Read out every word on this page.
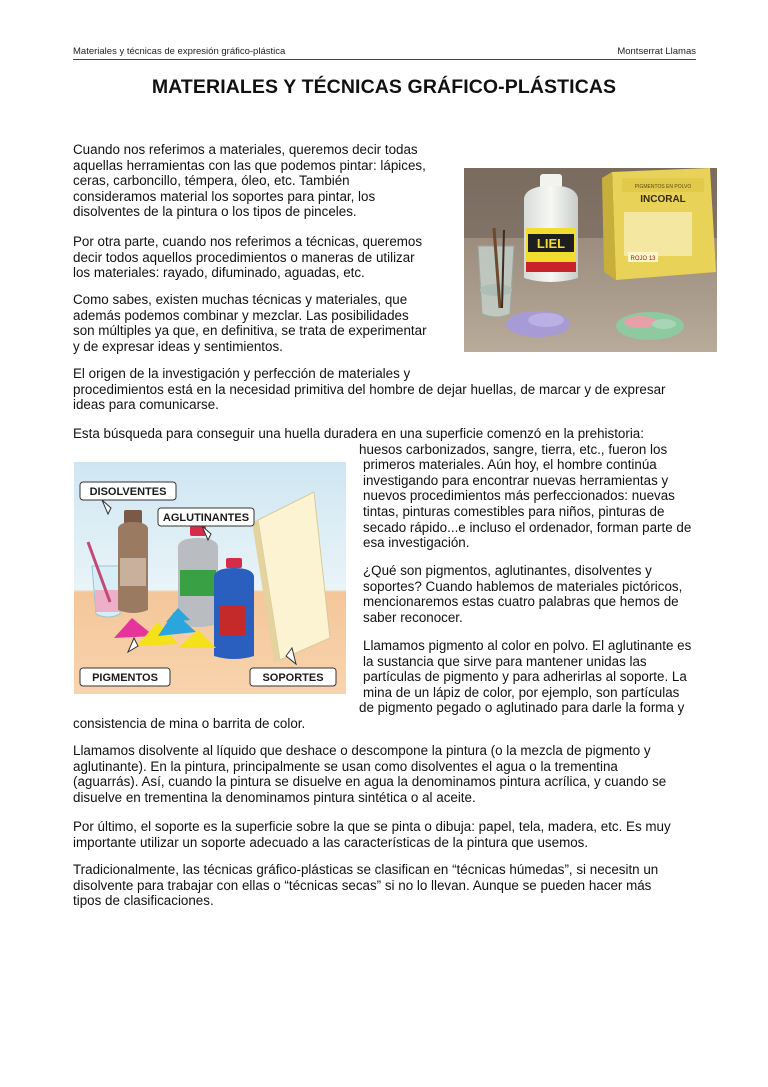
Materiales y técnicas de expresión gráfico-plástica	Montserrat Llamas
MATERIALES Y TÉCNICAS GRÁFICO-PLÁSTICAS
Cuando nos referimos a materiales, queremos decir todas
aquellas herramientas con las que podemos pintar: lápices,
ceras, carboncillo, témpera, óleo, etc. También
consideramos material los soportes para pintar, los
disolventes de la pintura o los tipos de pinceles.
Por otra parte, cuando nos referimos a técnicas, queremos
decir todos aquellos procedimientos o maneras de utilizar
los materiales: rayado, difuminado, aguadas, etc.
Como sabes, existen muchas técnicas y materiales, que
además podemos combinar y mezclar. Las posibilidades
son múltiples ya que, en definitiva, se trata de experimentar
y de expresar ideas y sentimientos.
El origen de la investigación y perfección de materiales y
procedimientos está en la necesidad primitiva del hombre de dejar huellas, de marcar y de expresar
ideas para comunicarse.
Esta búsqueda para conseguir una huella duradera en una superficie comenzó en la prehistoria:
huesos carbonizados, sangre, tierra, etc., fueron los
primeros materiales. Aún hoy, el hombre continúa
investigando para encontrar nuevas herramientas y
nuevos procedimientos más perfeccionados: nuevas
tintas, pinturas comestibles para niños, pinturas de
secado rápido...e incluso el ordenador, forman parte de
esa investigación.
¿Qué son pigmentos, aglutinantes, disolventes y
soportes? Cuando hablemos de materiales pictóricos,
mencionaremos estas cuatro palabras que hemos de
saber reconocer.
Llamamos pigmento al color en polvo. El aglutinante es
la sustancia que sirve para mantener unidas las
partículas de pigmento y para adherirlas al soporte. La
mina de un lápiz de color, por ejemplo, son partículas
de pigmento pegado o aglutinado para darle la forma y
consistencia de mina o barrita de color.
Llamamos disolvente al líquido que deshace o descompone la pintura (o la mezcla de pigmento y
aglutinante). En la pintura, principalmente se usan como disolventes el agua o la trementina
(aguarrás). Así, cuando la pintura se disuelve en agua la denominamos pintura acrílica, y cuando se
disuelve en trementina la denominamos pintura sintética o al aceite.
Por último, el soporte es la superficie sobre la que se pinta o dibuja: papel, tela, madera, etc. Es muy
importante utilizar un soporte adecuado a las características de la pintura que usemos.
Tradicionalmente, las técnicas gráfico-plásticas se clasifican en “técnicas húmedas”, si necesitn un
disolvente para trabajar con ellas o “técnicas secas” si no lo llevan. Aunque se pueden hacer más
tipos de clasificaciones.
LIEL
PIGMENTOS EN POLVO
INCORAL
ROJO 13
DISOLVENTES
AGLUTINANTES
PIGMENTOS	SOPORTES
